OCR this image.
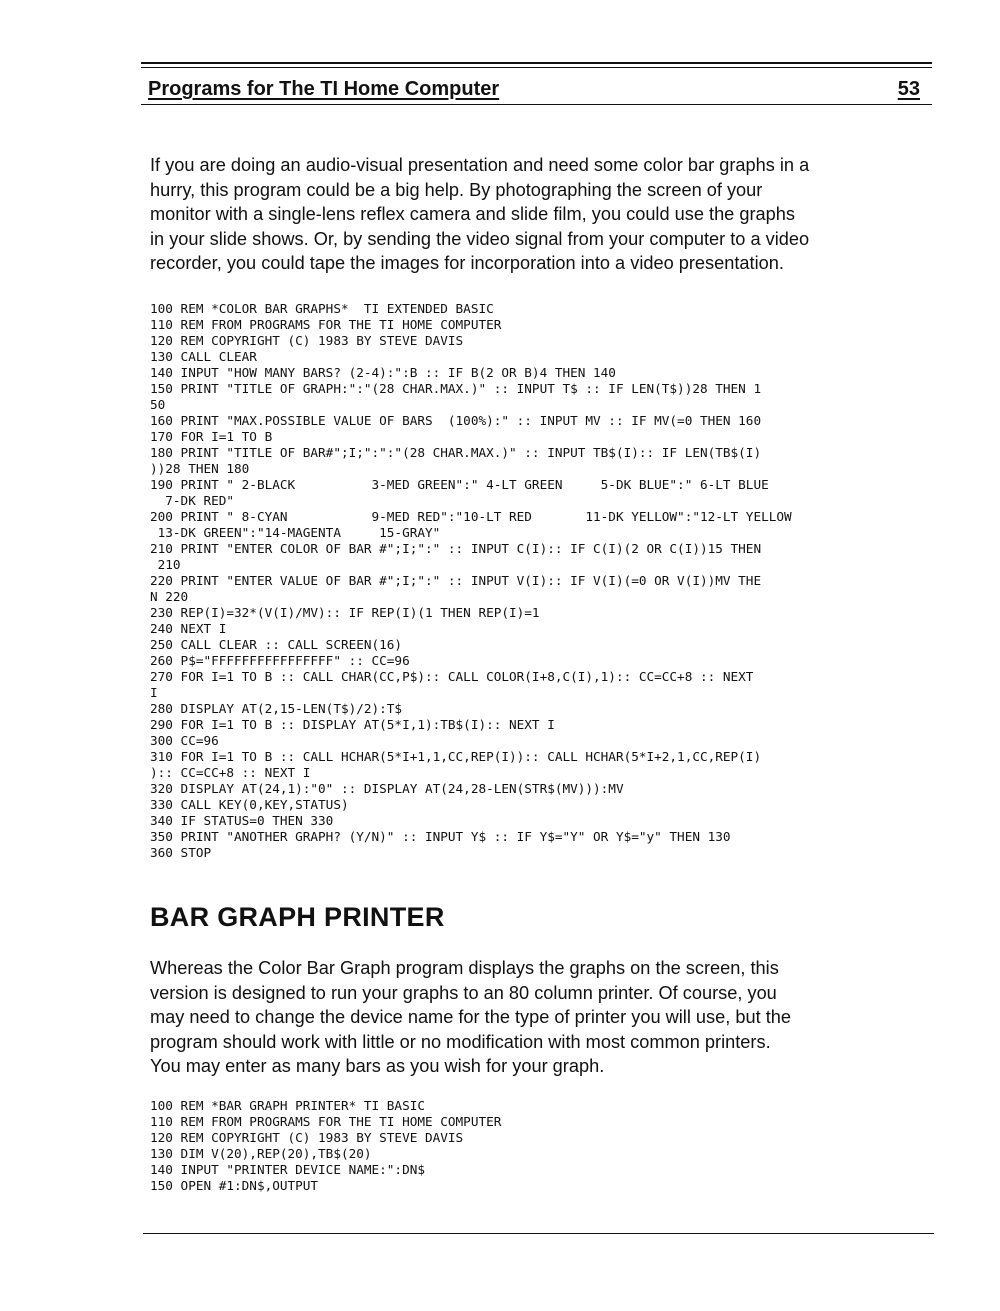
Programs for The TI Home Computer	53

If you are doing an audio-visual presentation and need some color bar graphs in a
hurry, this program could be a big help. By photographing the screen of your
monitor with a single-lens reflex camera and slide film, you could use the graphs
in your slide shows. Or, by sending the video signal from your computer to a video
recorder, you could tape the images for incorporation into a video presentation.

100 REM *COLOR BAR GRAPHS*  TI EXTENDED BASIC
110 REM FROM PROGRAMS FOR THE TI HOME COMPUTER
120 REM COPYRIGHT (C) 1983 BY STEVE DAVIS
130 CALL CLEAR
140 INPUT "HOW MANY BARS? (2-4):":B :: IF B(2 OR B)4 THEN 140
150 PRINT "TITLE OF GRAPH:":"(28 CHAR.MAX.)" :: INPUT T$ :: IF LEN(T$))28 THEN 1
50
160 PRINT "MAX.POSSIBLE VALUE OF BARS  (100%):" :: INPUT MV :: IF MV(=0 THEN 160
170 FOR I=1 TO B
180 PRINT "TITLE OF BAR#";I;":":"(28 CHAR.MAX.)" :: INPUT TB$(I):: IF LEN(TB$(I)
))28 THEN 180
190 PRINT " 2-BLACK          3-MED GREEN":" 4-LT GREEN     5-DK BLUE":" 6-LT BLUE
7-DK RED"
200 PRINT " 8-CYAN           9-MED RED":"10-LT RED       11-DK YELLOW":"12-LT YELLOW
13-DK GREEN":"14-MAGENTA     15-GRAY"
210 PRINT "ENTER COLOR OF BAR #";I;":" :: INPUT C(I):: IF C(I)(2 OR C(I))15 THEN
210
220 PRINT "ENTER VALUE OF BAR #";I;":" :: INPUT V(I):: IF V(I)(=0 OR V(I))MV THE
N 220
230 REP(I)=32*(V(I)/MV):: IF REP(I)(1 THEN REP(I)=1
240 NEXT I
250 CALL CLEAR :: CALL SCREEN(16)
260 P$="FFFFFFFFFFFFFFFF" :: CC=96
270 FOR I=1 TO B :: CALL CHAR(CC,P$):: CALL COLOR(I+8,C(I),1):: CC=CC+8 :: NEXT
I
280 DISPLAY AT(2,15-LEN(T$)/2):T$
290 FOR I=1 TO B :: DISPLAY AT(5*I,1):TB$(I):: NEXT I
300 CC=96
310 FOR I=1 TO B :: CALL HCHAR(5*I+1,1,CC,REP(I)):: CALL HCHAR(5*I+2,1,CC,REP(I)
):: CC=CC+8 :: NEXT I
320 DISPLAY AT(24,1):"0" :: DISPLAY AT(24,28-LEN(STR$(MV))):MV
330 CALL KEY(0,KEY,STATUS)
340 IF STATUS=0 THEN 330
350 PRINT "ANOTHER GRAPH? (Y/N)" :: INPUT Y$ :: IF Y$="Y" OR Y$="y" THEN 130
360 STOP
BAR GRAPH PRINTER

Whereas the Color Bar Graph program displays the graphs on the screen, this
version is designed to run your graphs to an 80 column printer. Of course, you
may need to change the device name for the type of printer you will use, but the
program should work with little or no modification with most common printers.
You may enter as many bars as you wish for your graph.

100 REM *BAR GRAPH PRINTER* TI BASIC
110 REM FROM PROGRAMS FOR THE TI HOME COMPUTER
120 REM COPYRIGHT (C) 1983 BY STEVE DAVIS
130 DIM V(20),REP(20),TB$(20)
140 INPUT "PRINTER DEVICE NAME:":DN$
150 OPEN #1:DN$,OUTPUT
